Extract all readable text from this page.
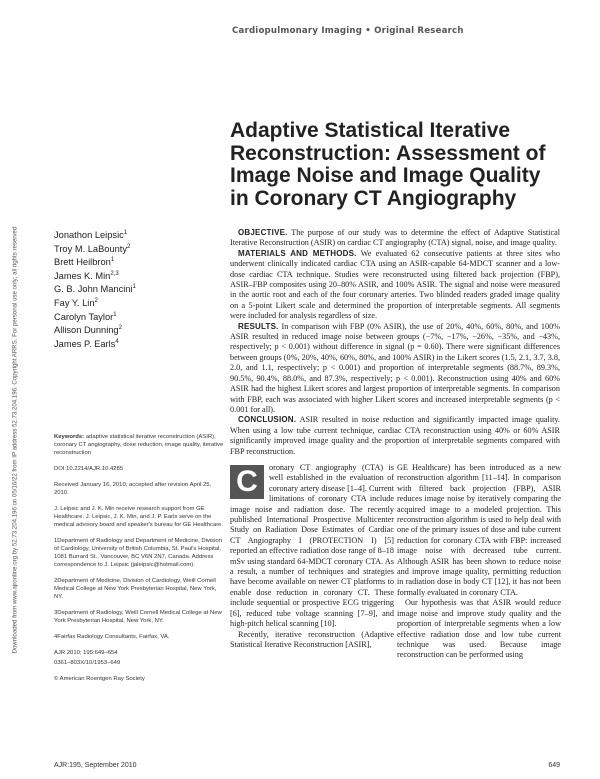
Downloaded from www.ajronline.org by 52.73.204.196 on 05/16/22 from IP address 52.73.204.196. Copyright ARRS. For personal use only; all rights reserved
Cardiopulmonary Imaging • Original Research
Adaptive Statistical Iterative Reconstruction: Assessment of Image Noise and Image Quality in Coronary CT Angiography
Jonathon Leipsic$^1$
Troy M. LaBounty$^2$
Brett Heilbron$^1$
James K. Min$^{2,3}$
G. B. John Mancini$^1$
Fay Y. Lin$^2$
Carolyn Taylor$^1$
Allison Dunning$^2$
James P. Earls$^4$

Keywords: adaptive statistical iterative reconstruction (ASIR), coronary CT angiography, dose reduction, image quality, iterative reconstruction

DOI:10.2214/AJR.10.4285

Received January 16, 2010; accepted after revision April 25, 2010.

J. Leipsic and J. K. Min receive research support from GE Healthcare. J. Leipsic, J. K. Min, and J. P. Earls serve on the medical advisory board and speaker's bureau for GE Healthcare.

1Department of Radiology and Department of Medicine, Division of Cardiology, University of British Columbia, St. Paul's Hospital, 1081 Burrard St., Vancouver, BC V6N 2N7, Canada. Address correspondence to J. Leipsic (jaleipsic@hotmail.com).

2Department of Medicine, Division of Cardiology, Weill Cornell Medical College at New York Presbyterian Hospital, New York, NY.

3Department of Radiology, Weill Cornell Medical College at New York Presbyterian Hospital, New York, NY.

4Fairfax Radiology Consultants, Fairfax, VA.

AJR 2010; 195:649–654

0361–803X/10/1953–649

© American Roentgen Ray Society

OBJECTIVE. The purpose of our study was to determine the effect of Adaptive Statistical Iterative Reconstruction (ASIR) on cardiac CT angiography (CTA) signal, noise, and image quality.

MATERIALS AND METHODS. We evaluated 62 consecutive patients at three sites who underwent clinically indicated cardiac CTA using an ASIR-capable 64-MDCT scanner and a low-dose cardiac CTA technique. Studies were reconstructed using filtered back projection (FBP), ASIR–FBP composites using 20–80% ASIR, and 100% ASIR. The signal and noise were measured in the aortic root and each of the four coronary arteries. Two blinded readers graded image quality on a 5-point Likert scale and determined the proportion of interpretable segments. All segments were included for analysis regardless of size.

RESULTS. In comparison with FBP (0% ASIR), the use of 20%, 40%, 60%, 80%, and 100% ASIR resulted in reduced image noise between groups (−7%, −17%, −26%, −35%, and −43%, respectively; p < 0.001) without difference in signal (p = 0.60). There were significant differences between groups (0%, 20%, 40%, 60%, 80%, and 100% ASIR) in the Likert scores (1.5, 2.1, 3.7, 3.8, 2.0, and 1.1, respectively; p < 0.001) and proportion of interpretable segments (88.7%, 89.3%, 90.5%, 90.4%, 88.0%, and 87.3%, respectively; p < 0.001). Reconstruction using 40% and 60% ASIR had the highest Likert scores and largest proportion of interpretable segments. In comparison with FBP, each was associated with higher Likert scores and increased interpretable segments (p < 0.001 for all).

CONCLUSION. ASIR resulted in noise reduction and significantly impacted image quality. When using a low tube current technique, cardiac CTA reconstruction using 40% or 60% ASIR significantly improved image quality and the proportion of interpretable segments compared with FBP reconstruction.

C	oronary CT angiography (CTA) is well established in the evaluation of coronary artery disease [1–4]. Current limitations of coronary CTA include image noise and radiation dose. The recently published International Prospective Multicenter Study on Radiation Dose Estimates of Cardiac CT Angiography I (PROTECTION I) [5] reported an effective radiation dose range of 8–18 mSv using standard 64-MDCT coronary CTA. As a result, a number of techniques and strategies have become available on newer CT platforms to enable dose reduction in coronary CT. These include sequential or prospective ECG triggering [6], reduced tube voltage scanning [7–9], and high-pitch helical scanning [10].

Recently, iterative reconstruction (Adaptive Statistical Iterative Reconstruction [ASIR],

GE Healthcare) has been introduced as a new reconstruction algorithm [11–14]. In comparison with filtered back projection (FBP), ASIR reduces image noise by iteratively comparing the acquired image to a modeled projection. This reconstruction algorithm is used to help deal with one of the primary issues of dose and tube current reduction for coronary CTA with FBP: increased image noise with decreased tube current. Although ASIR has been shown to reduce noise and improve image quality, permitting reduction in radiation dose in body CT [12], it has not been formally evaluated in coronary CTA.

Our hypothesis was that ASIR would reduce image noise and improve study quality and the proportion of interpretable segments when a low effective radiation dose and low tube current technique was used. Because image reconstruction can be performed using

AJR:195, September 2010	649
